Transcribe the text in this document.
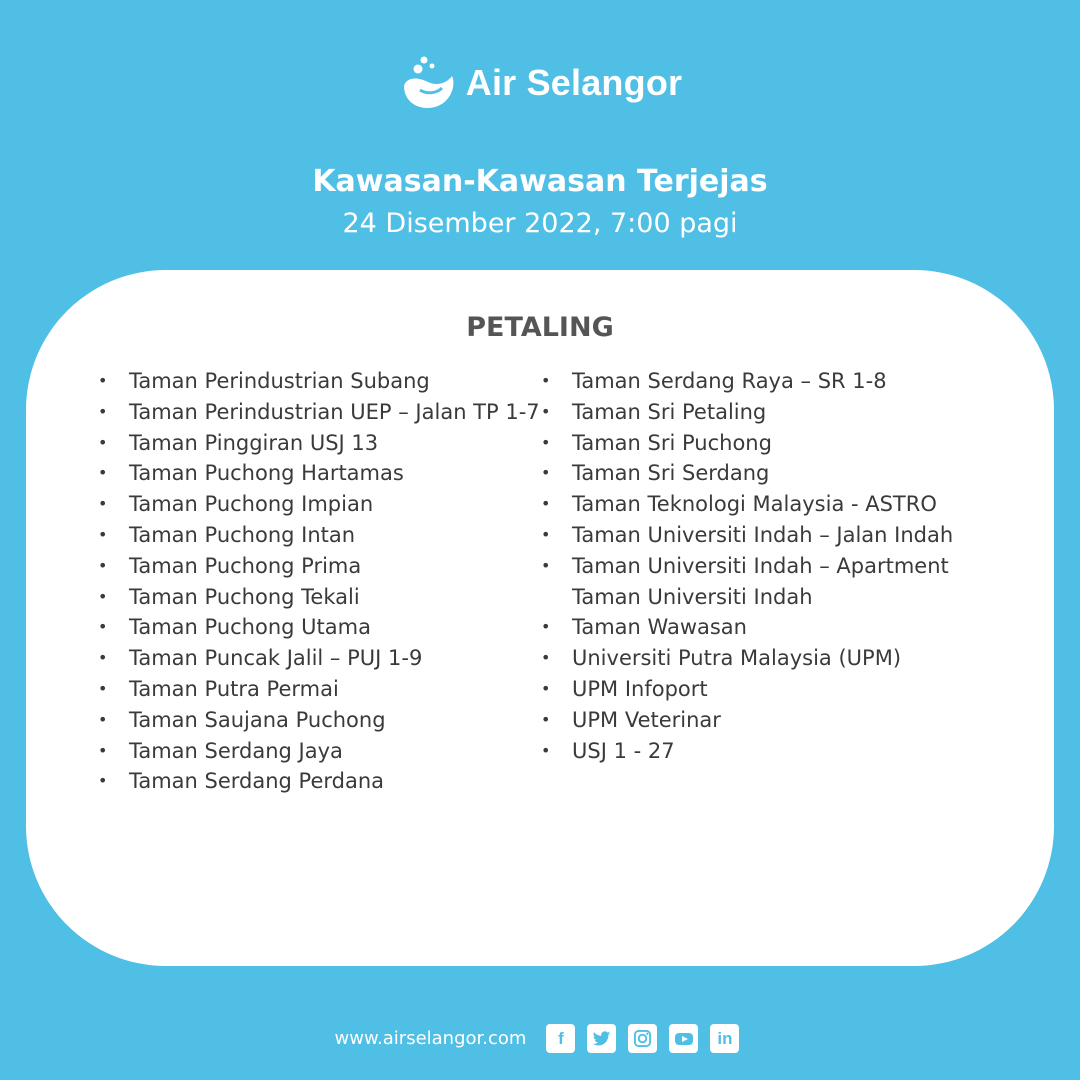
Air Selangor
Kawasan-Kawasan Terjejas
24 Disember 2022, 7:00 pagi
PETALING
• Taman Perindustrian Subang
• Taman Perindustrian UEP – Jalan TP 1-7
• Taman Pinggiran USJ 13
• Taman Puchong Hartamas
• Taman Puchong Impian
• Taman Puchong Intan
• Taman Puchong Prima
• Taman Puchong Tekali
• Taman Puchong Utama
• Taman Puncak Jalil – PUJ 1-9
• Taman Putra Permai
• Taman Saujana Puchong
• Taman Serdang Jaya
• Taman Serdang Perdana
• Taman Serdang Raya – SR 1-8
• Taman Sri Petaling
• Taman Sri Puchong
• Taman Sri Serdang
• Taman Teknologi Malaysia - ASTRO
• Taman Universiti Indah – Jalan Indah
• Taman Universiti Indah – Apartment
Taman Universiti Indah
• Taman Wawasan
• Universiti Putra Malaysia (UPM)
• UPM Infoport
• UPM Veterinar
• USJ 1 - 27
www.airselangor.com	f	in
